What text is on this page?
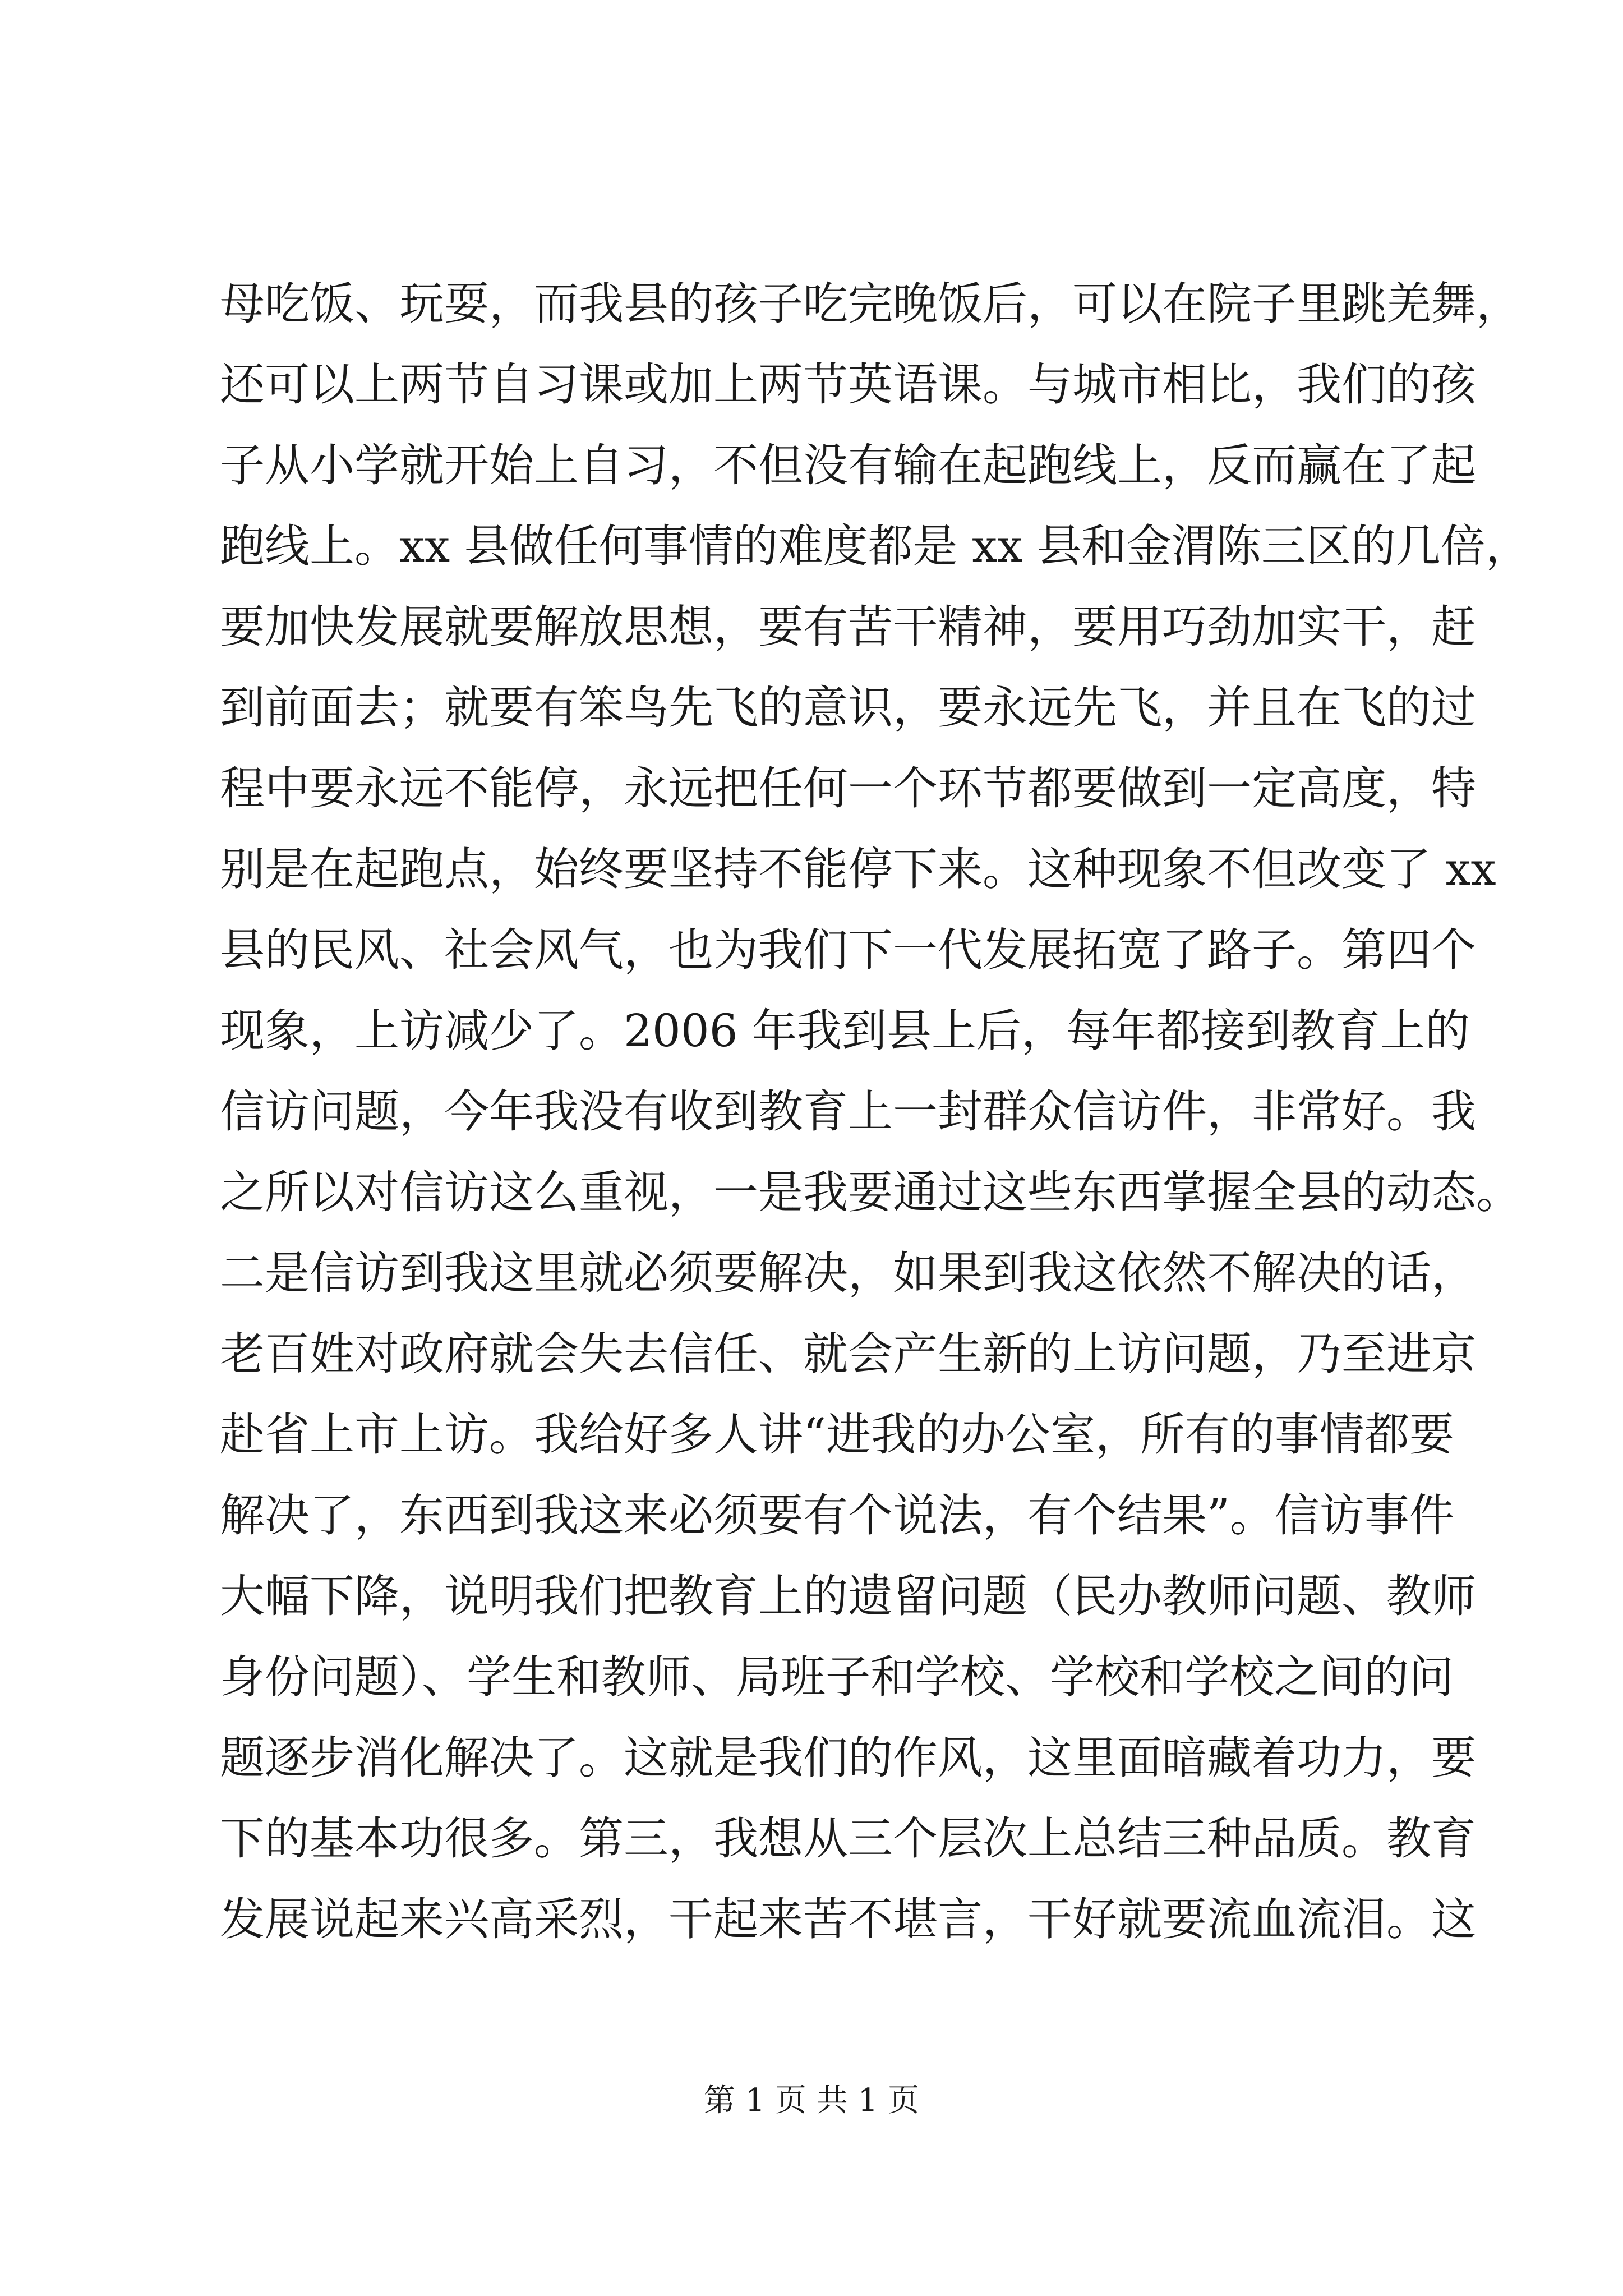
母吃饭、玩耍，而我县的孩子吃完晚饭后，可以在院子里跳羌舞，
还可以上两节自习课或加上两节英语课。与城市相比，我们的孩
子从小学就开始上自习，不但没有输在起跑线上，反而赢在了起
跑线上。xx 县做任何事情的难度都是 xx 县和金渭陈三区的几倍，
要加快发展就要解放思想，要有苦干精神，要用巧劲加实干，赶
到前面去；就要有笨鸟先飞的意识，要永远先飞，并且在飞的过
程中要永远不能停，永远把任何一个环节都要做到一定高度，特
别是在起跑点，始终要坚持不能停下来。这种现象不但改变了 xx
县的民风、社会风气，也为我们下一代发展拓宽了路子。第四个
现象，上访减少了。2006 年我到县上后，每年都接到教育上的
信访问题，今年我没有收到教育上一封群众信访件，非常好。我
之所以对信访这么重视，一是我要通过这些东西掌握全县的动态。
二是信访到我这里就必须要解决，如果到我这依然不解决的话，
老百姓对政府就会失去信任、就会产生新的上访问题，乃至进京
赴省上市上访。我给好多人讲“进我的办公室，所有的事情都要
解决了，东西到我这来必须要有个说法，有个结果”。信访事件
大幅下降，说明我们把教育上的遗留问题（民办教师问题、教师
身份问题）、学生和教师、局班子和学校、学校和学校之间的问
题逐步消化解决了。这就是我们的作风，这里面暗藏着功力，要
下的基本功很多。第三，我想从三个层次上总结三种品质。教育
发展说起来兴高采烈，干起来苦不堪言，干好就要流血流泪。这
第 1 页 共 1 页
